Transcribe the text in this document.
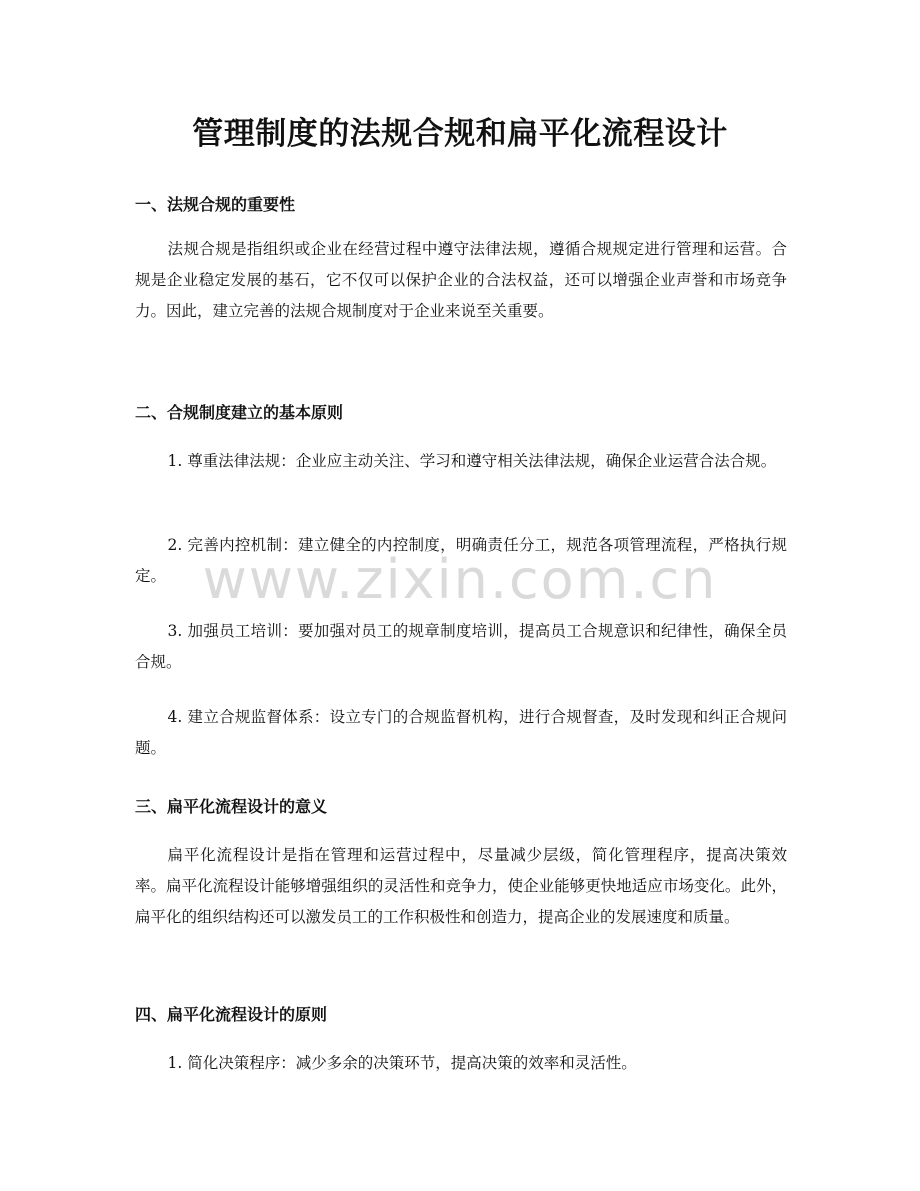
管理制度的法规合规和扁平化流程设计
一、法规合规的重要性
法规合规是指组织或企业在经营过程中遵守法律法规，遵循合规规定进行管理和运营。合规是企业稳定发展的基石，它不仅可以保护企业的合法权益，还可以增强企业声誉和市场竞争力。因此，建立完善的法规合规制度对于企业来说至关重要。
二、合规制度建立的基本原则
1. 尊重法律法规：企业应主动关注、学习和遵守相关法律法规，确保企业运营合法合规。
2. 完善内控机制：建立健全的内控制度，明确责任分工，规范各项管理流程，严格执行规定。
3. 加强员工培训：要加强对员工的规章制度培训，提高员工合规意识和纪律性，确保全员合规。
4. 建立合规监督体系：设立专门的合规监督机构，进行合规督查，及时发现和纠正合规问题。
三、扁平化流程设计的意义
扁平化流程设计是指在管理和运营过程中，尽量减少层级，简化管理程序，提高决策效率。扁平化流程设计能够增强组织的灵活性和竞争力，使企业能够更快地适应市场变化。此外，扁平化的组织结构还可以激发员工的工作积极性和创造力，提高企业的发展速度和质量。
四、扁平化流程设计的原则
1. 简化决策程序：减少多余的决策环节，提高决策的效率和灵活性。
www.zixin.com.cn
